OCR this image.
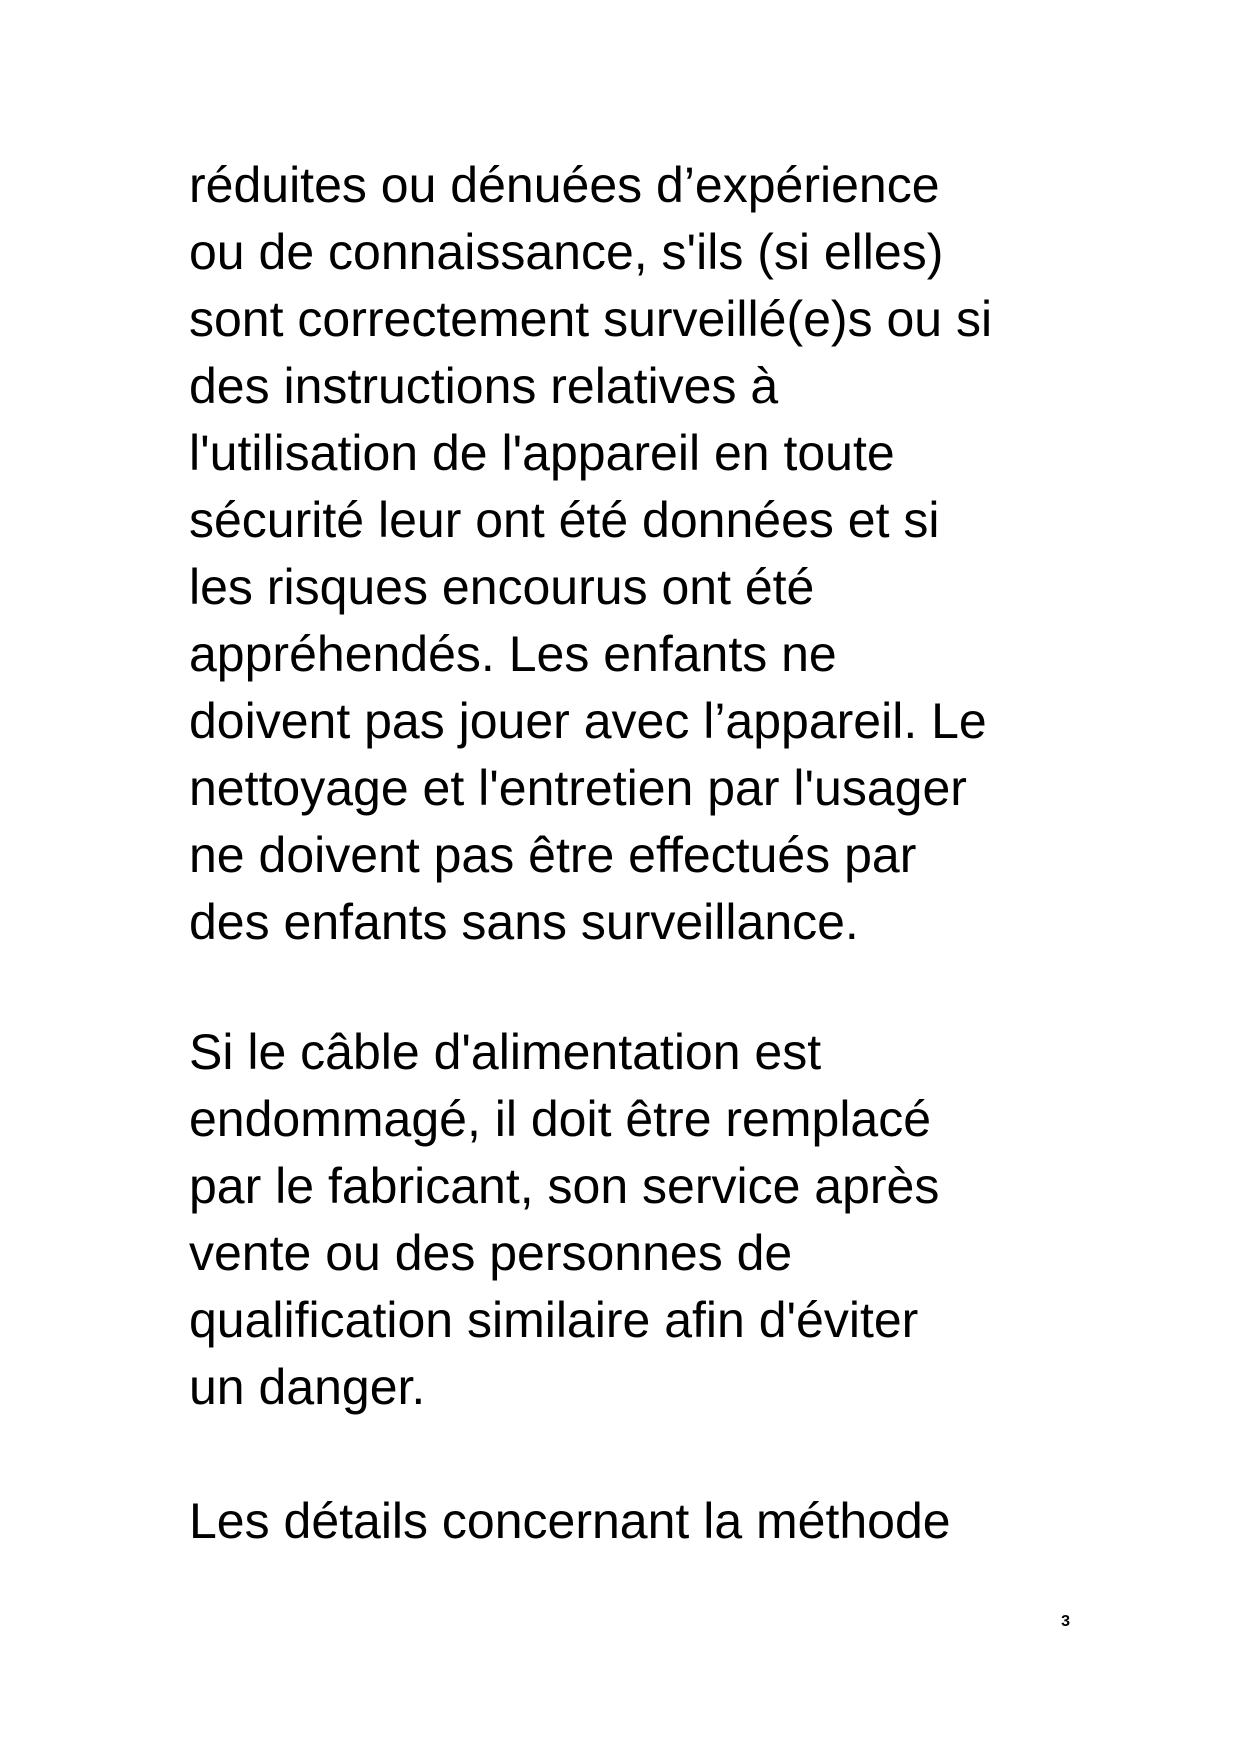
réduites ou dénuées d’expérience
ou de connaissance, s'ils (si elles)
sont correctement surveillé(e)s ou si
des instructions relatives à
l'utilisation de l'appareil en toute
sécurité leur ont été données et si
les risques encourus ont été
appréhendés. Les enfants ne
doivent pas jouer avec l’appareil. Le
nettoyage et l'entretien par l'usager
ne doivent pas être effectués par
des enfants sans surveillance.

Si le câble d'alimentation est
endommagé, il doit être remplacé
par le fabricant, son service après
vente ou des personnes de
qualification similaire afin d'éviter
un danger.

Les détails concernant la méthode

3
